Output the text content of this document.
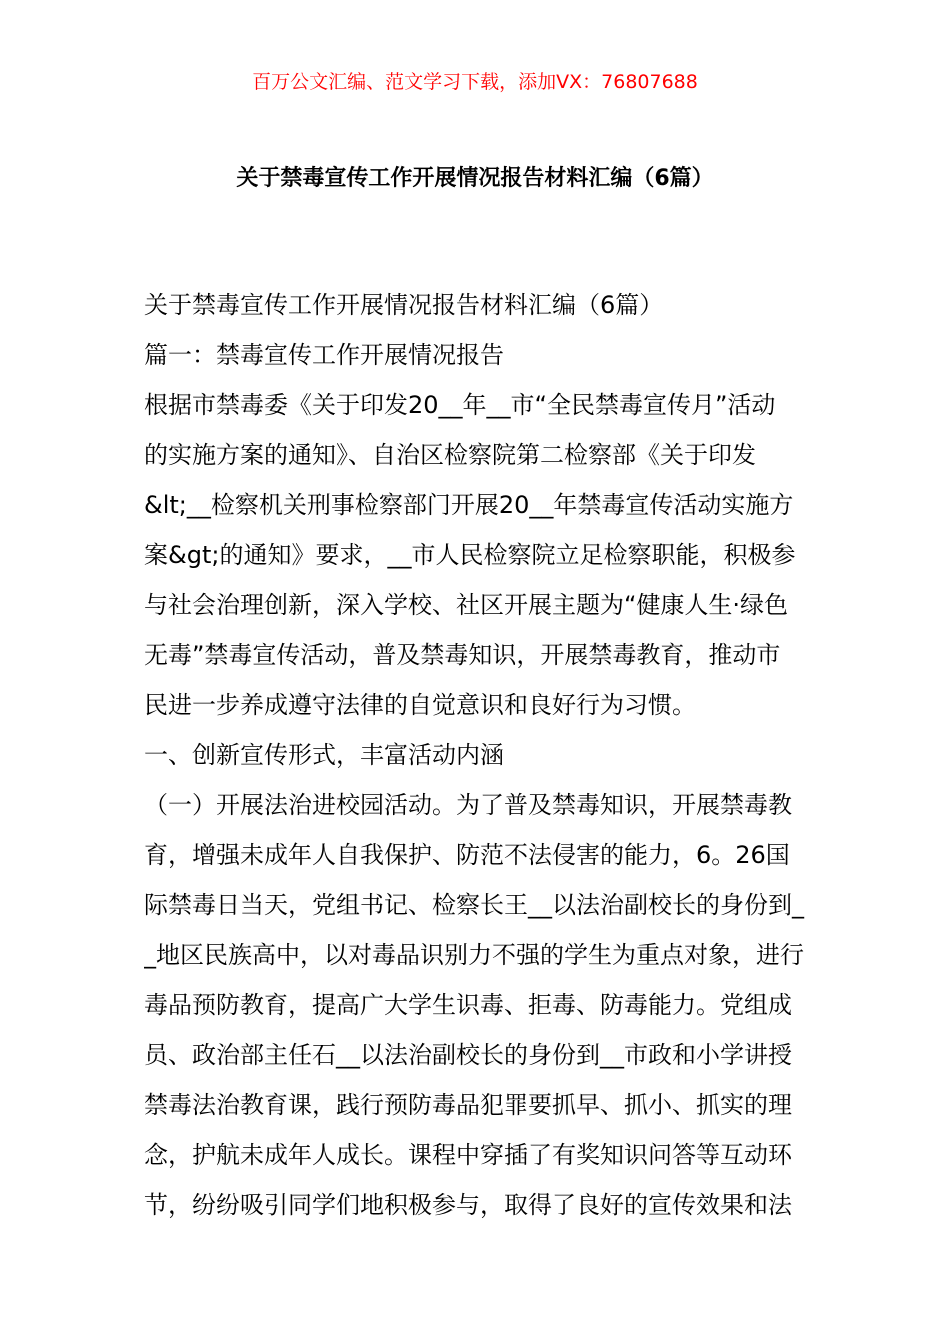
百万公文汇编、范文学习下载，添加VX：76807688
关于禁毒宣传工作开展情况报告材料汇编（6篇）
关于禁毒宣传工作开展情况报告材料汇编（6篇）
篇一：禁毒宣传工作开展情况报告
根据市禁毒委《关于印发20__年__市“全民禁毒宣传月”活动
的实施方案的通知》、自治区检察院第二检察部《关于印发
&lt;__检察机关刑事检察部门开展20__年禁毒宣传活动实施方
案&gt;的通知》要求，__市人民检察院立足检察职能，积极参
与社会治理创新，深入学校、社区开展主题为“健康人生·绿色
无毒”禁毒宣传活动，普及禁毒知识，开展禁毒教育，推动市
民进一步养成遵守法律的自觉意识和良好行为习惯。
一、创新宣传形式，丰富活动内涵
（一）开展法治进校园活动。为了普及禁毒知识，开展禁毒教
育，增强未成年人自我保护、防范不法侵害的能力，6。26国
际禁毒日当天，党组书记、检察长王__以法治副校长的身份到_
_地区民族高中，以对毒品识别力不强的学生为重点对象，进行
毒品预防教育，提高广大学生识毒、拒毒、防毒能力。党组成
员、政治部主任石__以法治副校长的身份到__市政和小学讲授
禁毒法治教育课，践行预防毒品犯罪要抓早、抓小、抓实的理
念，护航未成年人成长。课程中穿插了有奖知识问答等互动环
节，纷纷吸引同学们地积极参与，取得了良好的宣传效果和法
